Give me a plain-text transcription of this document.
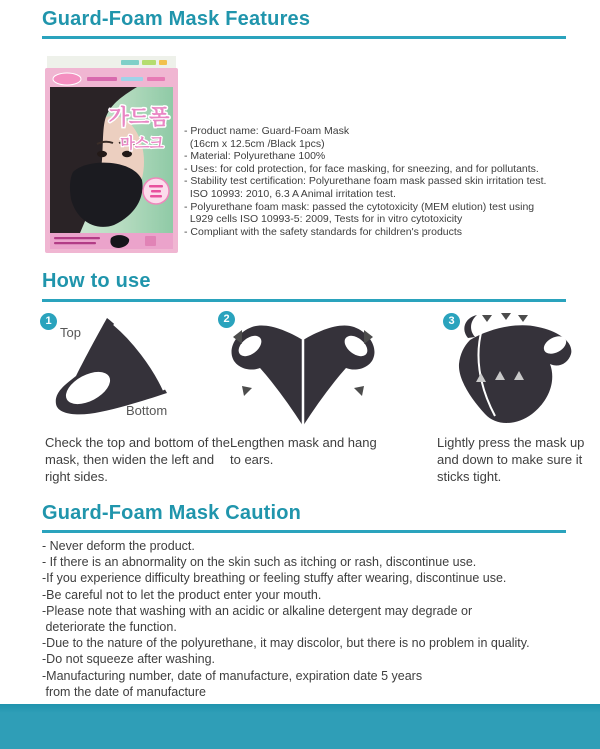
Guard-Foam Mask Features
가드폼
마스크
- Product name: Guard-Foam Mask
(16cm x 12.5cm /Black 1pcs)
- Material: Polyurethane 100%
- Uses: for cold protection, for face masking, for sneezing, and for pollutants.
- Stability test certification: Polyurethane foam mask passed skin irritation test.
ISO 10993: 2010, 6.3 A Animal irritation test.
- Polyurethane foam mask: passed the cytotoxicity (MEM elution) test using
L929 cells ISO 10993-5: 2009, Tests for in vitro cytotoxicity
- Compliant with the safety standards for children's products
How to use
1
Top
Bottom
2	3
Check the top and bottom of the mask, then widen the left and right sides.
Lengthen mask and hang to ears.
Lightly press the mask up and down to make sure it sticks tight.
Guard-Foam Mask Caution
- Never deform the product.
- If there is an abnormality on the skin such as itching or rash, discontinue use.
-If you experience difficulty breathing or feeling stuffy after wearing, discontinue use.
-Be careful not to let the product enter your mouth.
-Please note that washing with an acidic or alkaline detergent may degrade or
deteriorate the function.
-Due to the nature of the polyurethane, it may discolor, but there is no problem in quality.
-Do not squeeze after washing.
-Manufacturing number, date of manufacture, expiration date 5 years
from the date of manufacture
